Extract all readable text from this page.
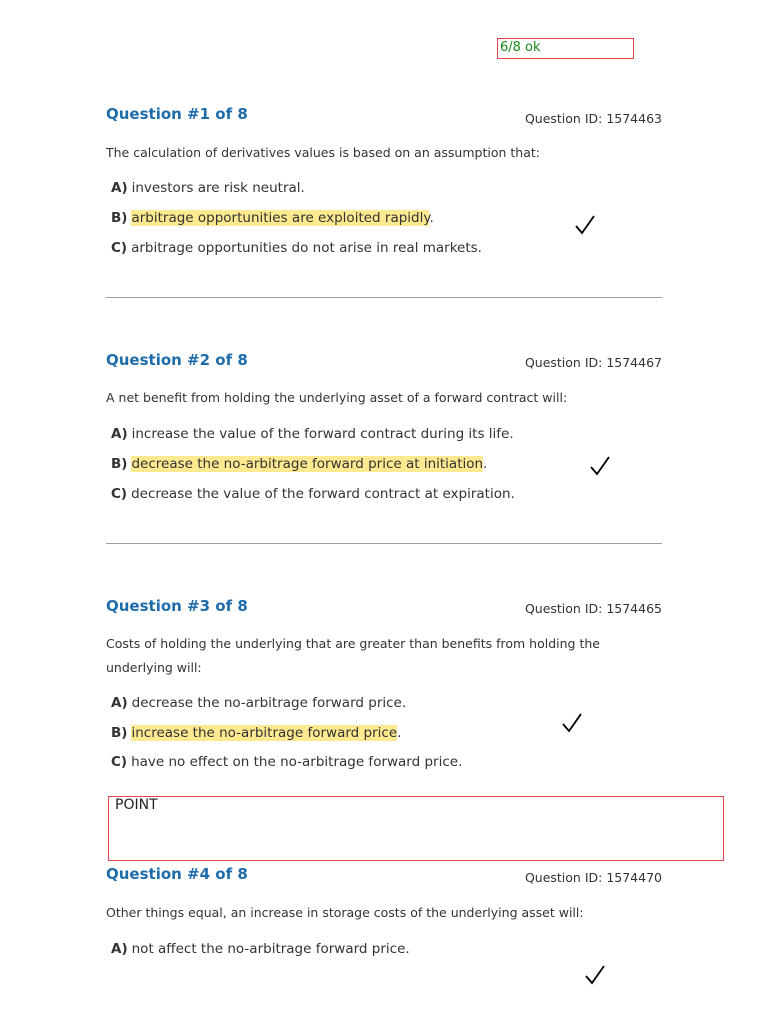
6/8 ok
Question #1 of 8	Question ID: 1574463
The calculation of derivatives values is based on an assumption that:
A) investors are risk neutral.
B) arbitrage opportunities are exploited rapidly.
C) arbitrage opportunities do not arise in real markets.
Question #2 of 8	Question ID: 1574467
A net benefit from holding the underlying asset of a forward contract will:
A) increase the value of the forward contract during its life.
B) decrease the no-arbitrage forward price at initiation.
C) decrease the value of the forward contract at expiration.
Question #3 of 8	Question ID: 1574465
Costs of holding the underlying that are greater than benefits from holding the underlying will:
A) decrease the no-arbitrage forward price.
B) increase the no-arbitrage forward price.
C) have no effect on the no-arbitrage forward price.
POINT
Question #4 of 8	Question ID: 1574470
Other things equal, an increase in storage costs of the underlying asset will:
A) not affect the no-arbitrage forward price.
